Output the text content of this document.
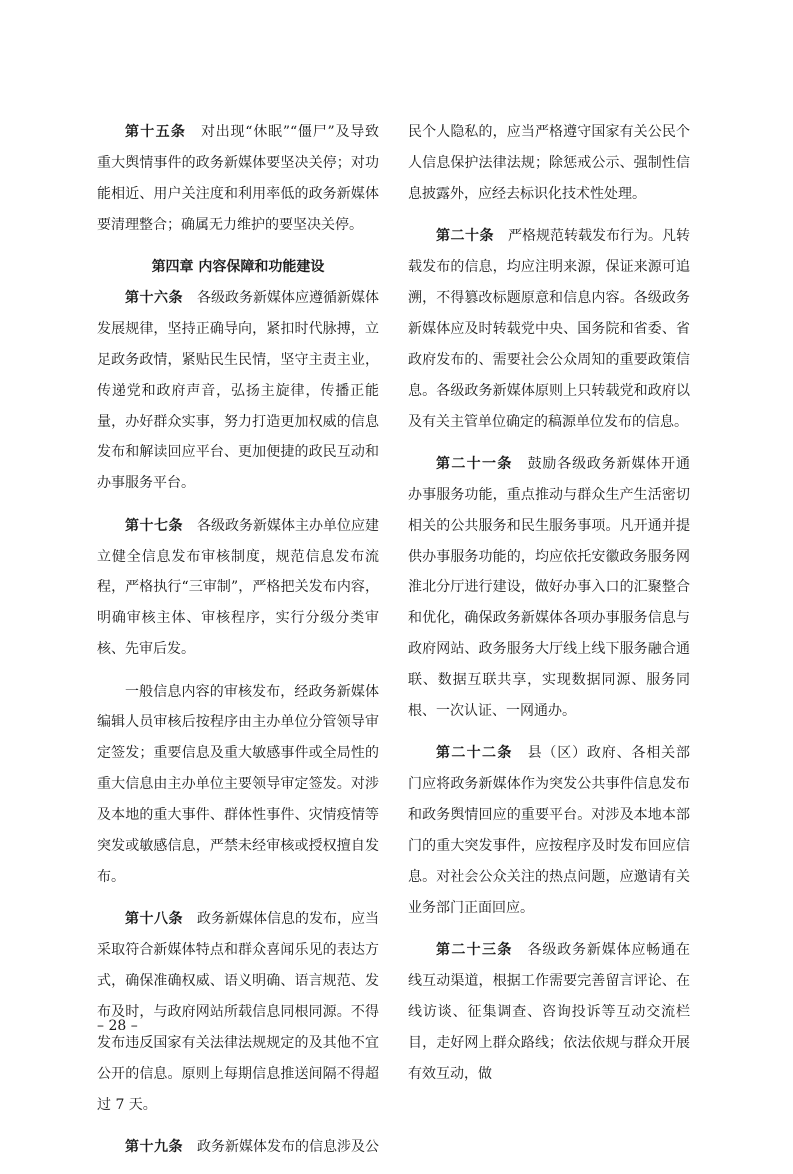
第十五条　 对出现“休眠”“僵尸”及导致重大舆情事件的政务新媒体要坚决关停；对功能相近、用户关注度和利用率低的政务新媒体要清理整合；确属无力维护的要坚决关停。

第四章 内容保障和功能建设

第十六条　 各级政务新媒体应遵循新媒体发展规律，坚持正确导向，紧扣时代脉搏，立足政务政情，紧贴民生民情，坚守主责主业，传递党和政府声音，弘扬主旋律，传播正能量，办好群众实事，努力打造更加权威的信息发布和解读回应平台、更加便捷的政民互动和办事服务平台。

第十七条　 各级政务新媒体主办单位应建立健全信息发布审核制度，规范信息发布流程，严格执行“三审制”，严格把关发布内容，明确审核主体、审核程序，实行分级分类审核、先审后发。

一般信息内容的审核发布，经政务新媒体编辑人员审核后按程序由主办单位分管领导审定签发；重要信息及重大敏感事件或全局性的重大信息由主办单位主要领导审定签发。对涉及本地的重大事件、群体性事件、灾情疫情等突发或敏感信息，严禁未经审核或授权擅自发布。

第十八条　 政务新媒体信息的发布，应当采取符合新媒体特点和群众喜闻乐见的表达方式，确保准确权威、语义明确、语言规范、发布及时，与政府网站所载信息同根同源。不得发布违反国家有关法律法规规定的及其他不宜公开的信息。原则上每期信息推送间隔不得超过 7 天。

第十九条　 政务新媒体发布的信息涉及公

民个人隐私的，应当严格遵守国家有关公民个人信息保护法律法规；除惩戒公示、强制性信息披露外，应经去标识化技术性处理。

第二十条　 严格规范转载发布行为。凡转载发布的信息，均应注明来源，保证来源可追溯，不得篡改标题原意和信息内容。各级政务新媒体应及时转载党中央、国务院和省委、省政府发布的、需要社会公众周知的重要政策信息。各级政务新媒体原则上只转载党和政府以及有关主管单位确定的稿源单位发布的信息。

第二十一条　 鼓励各级政务新媒体开通办事服务功能，重点推动与群众生产生活密切相关的公共服务和民生服务事项。凡开通并提供办事服务功能的，均应依托安徽政务服务网淮北分厅进行建设，做好办事入口的汇聚整合和优化，确保政务新媒体各项办事服务信息与政府网站、政务服务大厅线上线下服务融合通联、数据互联共享，实现数据同源、服务同根、一次认证、一网通办。

第二十二条　 县（区）政府、各相关部门应将政务新媒体作为突发公共事件信息发布和政务舆情回应的重要平台。对涉及本地本部门的重大突发事件，应按程序及时发布回应信息。对社会公众关注的热点问题，应邀请有关业务部门正面回应。

第二十三条　 各级政务新媒体应畅通在线互动渠道，根据工作需要完善留言评论、在线访谈、征集调查、咨询投诉等互动交流栏目，走好网上群众路线；依法依规与群众开展有效互动，做

– 28 –
